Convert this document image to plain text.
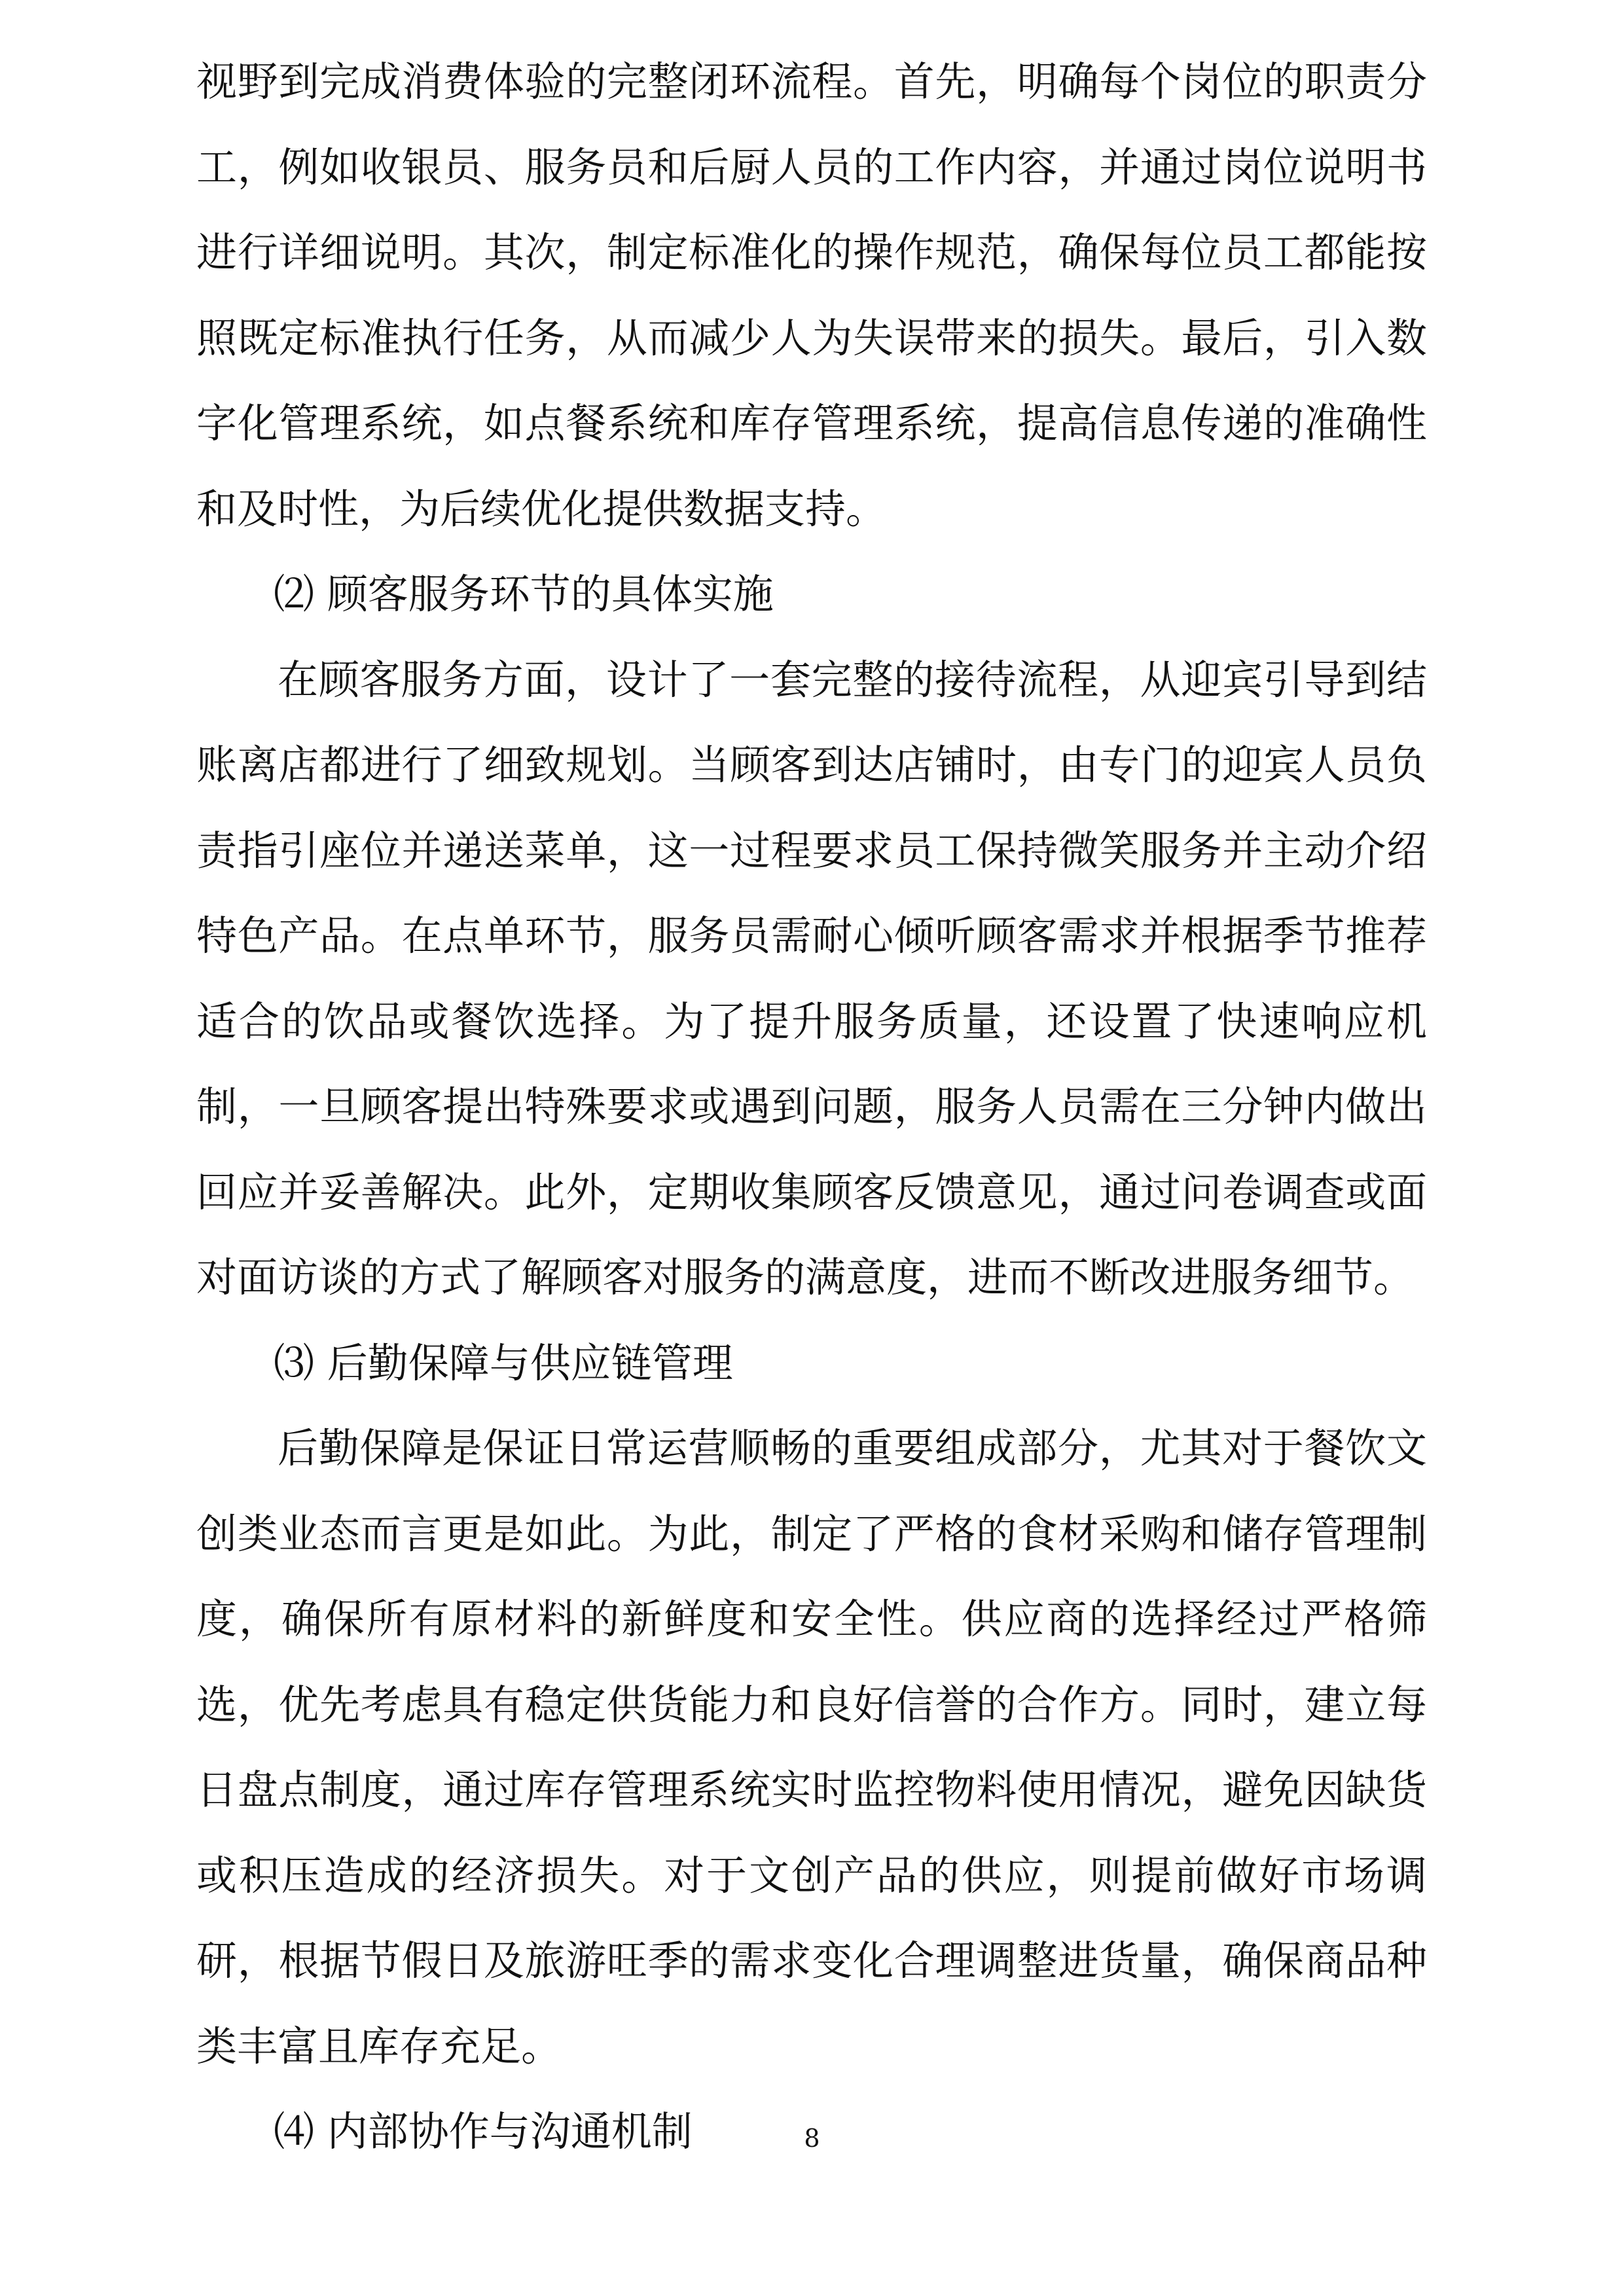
视野到完成消费体验的完整闭环流程。首先，明确每个岗位的职责分工，例如收银员、服务员和后厨人员的工作内容，并通过岗位说明书进行详细说明。其次，制定标准化的操作规范，确保每位员工都能按照既定标准执行任务，从而减少人为失误带来的损失。最后，引入数字化管理系统，如点餐系统和库存管理系统，提高信息传递的准确性和及时性，为后续优化提供数据支持。

⑵ 顾客服务环节的具体实施

在顾客服务方面，设计了一套完整的接待流程，从迎宾引导到结账离店都进行了细致规划。当顾客到达店铺时，由专门的迎宾人员负责指引座位并递送菜单，这一过程要求员工保持微笑服务并主动介绍特色产品。在点单环节，服务员需耐心倾听顾客需求并根据季节推荐适合的饮品或餐饮选择。为了提升服务质量，还设置了快速响应机制，一旦顾客提出特殊要求或遇到问题，服务人员需在三分钟内做出回应并妥善解决。此外，定期收集顾客反馈意见，通过问卷调查或面对面访谈的方式了解顾客对服务的满意度，进而不断改进服务细节。

⑶ 后勤保障与供应链管理

后勤保障是保证日常运营顺畅的重要组成部分，尤其对于餐饮文创类业态而言更是如此。为此，制定了严格的食材采购和储存管理制度，确保所有原材料的新鲜度和安全性。供应商的选择经过严格筛选，优先考虑具有稳定供货能力和良好信誉的合作方。同时，建立每日盘点制度，通过库存管理系统实时监控物料使用情况，避免因缺货或积压造成的经济损失。对于文创产品的供应，则提前做好市场调研，根据节假日及旅游旺季的需求变化合理调整进货量，确保商品种类丰富且库存充足。

⑷ 内部协作与沟通机制	8
